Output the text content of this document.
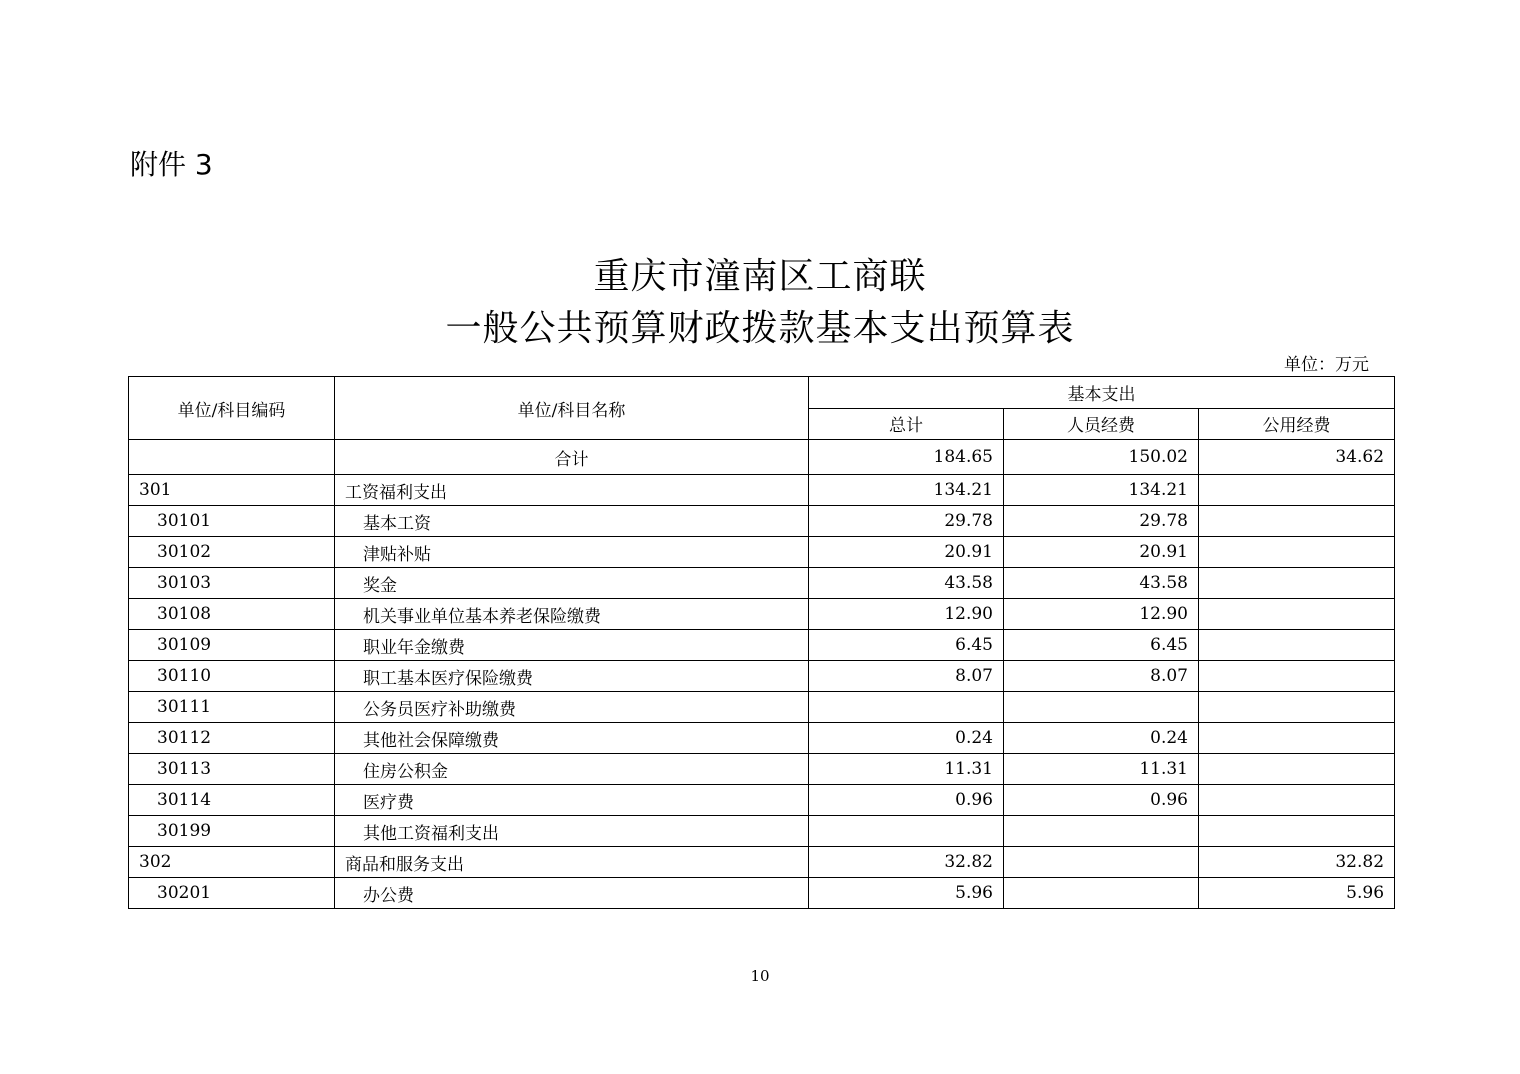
附件 3
重庆市潼南区工商联
一般公共预算财政拨款基本支出预算表
单位：万元
单位/科目编码	单位/科目名称	基本支出		
		总计	人员经费	公用经费
	合计	184.65	150.02	34.62
301	工资福利支出	134.21	134.21	
30101	基本工资	29.78	29.78	
30102	津贴补贴	20.91	20.91	
30103	奖金	43.58	43.58	
30108	机关事业单位基本养老保险缴费	12.90	12.90	
30109	职业年金缴费	6.45	6.45	
30110	职工基本医疗保险缴费	8.07	8.07	
30111	公务员医疗补助缴费			
30112	其他社会保障缴费	0.24	0.24	
30113	住房公积金	11.31	11.31	
30114	医疗费	0.96	0.96	
30199	其他工资福利支出			
302	商品和服务支出	32.82		32.82
30201	办公费	5.96		5.96
10
